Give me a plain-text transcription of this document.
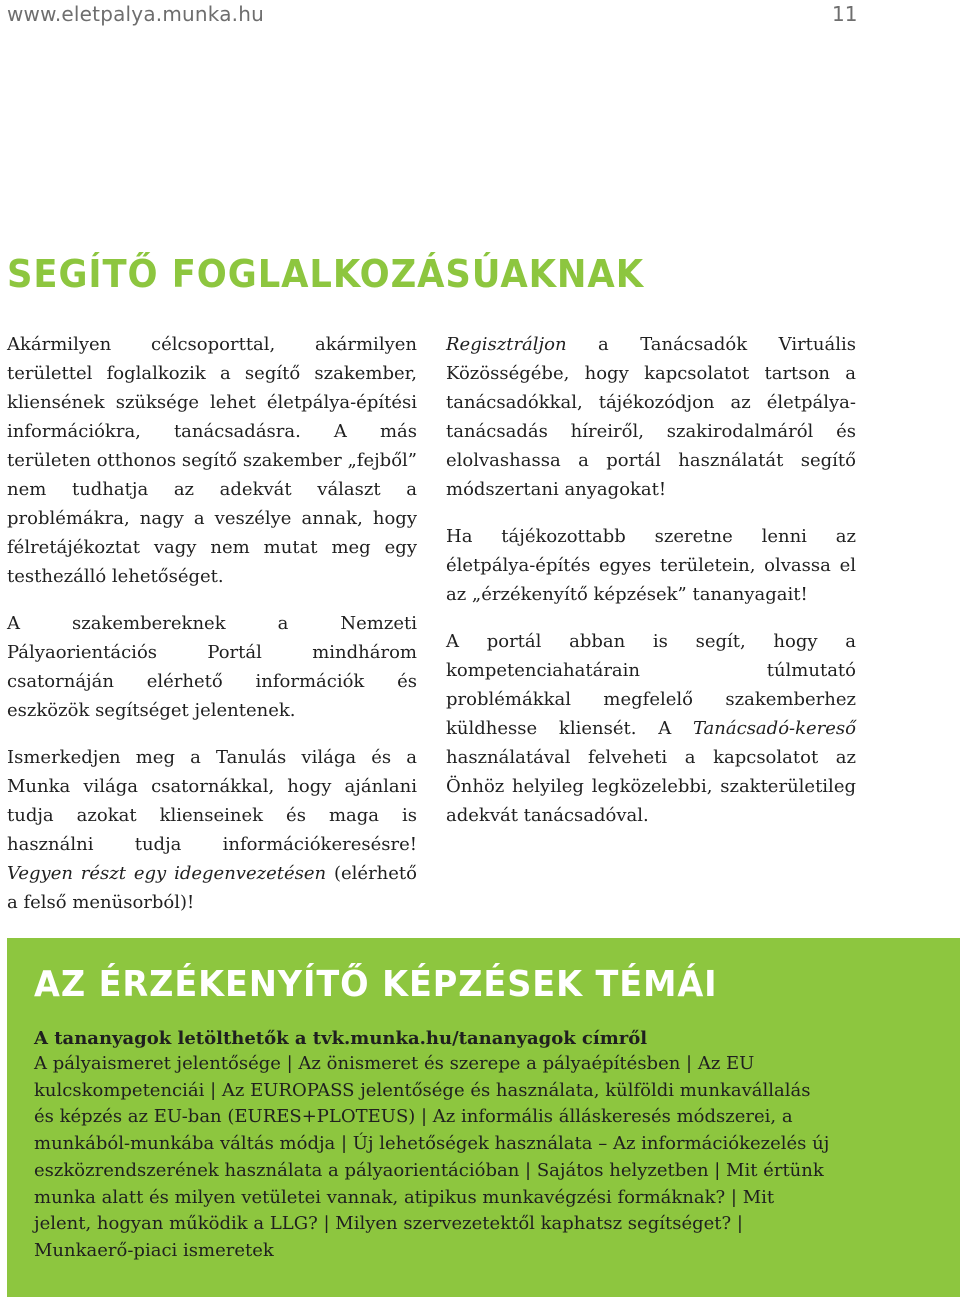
www.eletpalya.munka.hu	11
SEGÍTŐ FOGLALKOZÁSÚAKNAK

Akármilyen célcsoporttal, akármilyen területtel foglalkozik a segítő szakember, kliensének szüksége lehet életpálya-építési információkra, tanácsadásra. A más területen otthonos segítő szakember „fejből” nem tudhatja az adekvát választ a problémákra, nagy a veszélye annak, hogy félretájékoztat vagy nem mutat meg egy testhezálló lehetőséget.

A szakembereknek a Nemzeti Pályaorientációs Portál mindhárom csatornáján elérhető információk és eszközök segítséget jelentenek.

Ismerkedjen meg a Tanulás világa és a Munka világa csatornákkal, hogy ajánlani tudja azokat klienseinek és maga is használni tudja információkeresésre! Vegyen részt egy idegenvezetésen (elérhető a felső menüsorból)!

Regisztráljon a Tanácsadók Virtuális Közösségébe, hogy kapcsolatot tartson a tanácsadókkal, tájékozódjon az életpálya-tanácsadás híreiről, szakirodalmáról és elolvashassa a portál használatát segítő módszertani anyagokat!

Ha tájékozottabb szeretne lenni az életpálya-építés egyes területein, olvassa el az „érzékenyítő képzések” tananyagait!

A portál abban is segít, hogy a kompetenciahatárain túlmutató problémákkal megfelelő szakemberhez küldhesse kliensét. A Tanácsadó-kereső használatával felveheti a kapcsolatot az Önhöz helyileg legközelebbi, szakterületileg adekvát tanácsadóval.

AZ ÉRZÉKENYÍTŐ KÉPZÉSEK TÉMÁI

A tananyagok letölthetők a tvk.munka.hu/tananyagok címről

A pályaismeret jelentősége | Az önismeret és szerepe a pályaépítésben | Az EU kulcskompetenciái | Az EUROPASS jelentősége és használata, külföldi munkavállalás és képzés az EU-ban (EURES+PLOTEUS) | Az informális álláskeresés módszerei, a munkából-munkába váltás módja | Új lehetőségek használata – Az információkezelés új eszközrendszerének használata a pályaorientációban | Sajátos helyzetben | Mit értünk munka alatt és milyen vetületei vannak, atipikus munkavégzési formáknak? | Mit jelent, hogyan működik a LLG? | Milyen szervezetektől kaphatsz segítséget? | Munkaerő-piaci ismeretek
